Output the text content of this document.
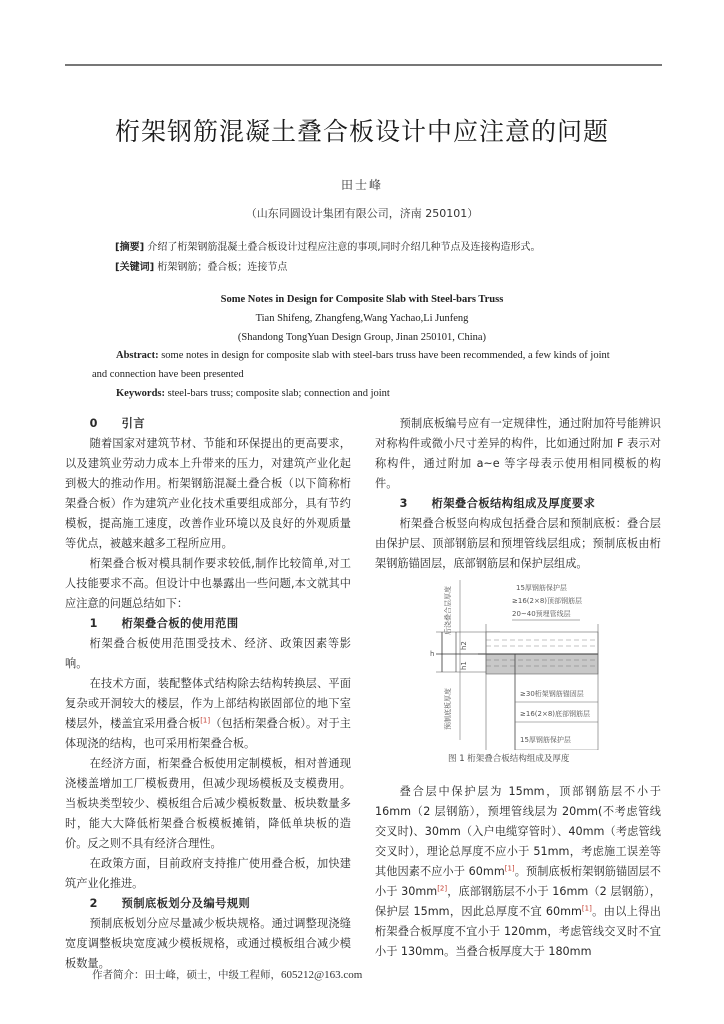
桁架钢筋混凝土叠合板设计中应注意的问题
田士峰
（山东同圆设计集团有限公司，济南 250101）
[摘要] 介绍了桁架钢筋混凝土叠合板设计过程应注意的事项,同时介绍几种节点及连接构造形式。
[关键词] 桁架钢筋；叠合板；连接节点
Some Notes in Design for Composite Slab with Steel-bars Truss
Tian Shifeng, Zhangfeng,Wang Yachao,Li Junfeng
(Shandong TongYuan Design Group, Jinan 250101, China)
Abstract: some notes in design for composite slab with steel-bars truss have been recommended, a few kinds of joint
and connection have been presented
Keywords: steel-bars truss; composite slab; connection and joint

0 引言

随着国家对建筑节材、节能和环保提出的更高要求，以及建筑业劳动力成本上升带来的压力，对建筑产业化起到极大的推动作用。桁架钢筋混凝土叠合板（以下简称桁架叠合板）作为建筑产业化技术重要组成部分，具有节约模板，提高施工速度，改善作业环境以及良好的外观质量等优点，被越来越多工程所应用。

桁架叠合板对模具制作要求较低,制作比较简单,对工人技能要求不高。但设计中也暴露出一些问题,本文就其中应注意的问题总结如下：

1 桁架叠合板的使用范围

桁架叠合板使用范围受技术、经济、政策因素等影响。

在技术方面，装配整体式结构除去结构转换层、平面复杂或开洞较大的楼层，作为上部结构嵌固部位的地下室楼层外，楼盖宜采用叠合板[1]（包括桁架叠合板）。对于主体现浇的结构，也可采用桁架叠合板。

在经济方面，桁架叠合板使用定制模板，相对普通现浇楼盖增加工厂模板费用，但减少现场模板及支模费用。当板块类型较少、模板组合后减少模板数量、板块数量多时，能大大降低桁架叠合板模板摊销，降低单块板的造价。反之则不具有经济合理性。

在政策方面，目前政府支持推广使用叠合板，加快建筑产业化推进。

2 预制底板划分及编号规则

预制底板划分应尽量减少板块规格。通过调整现浇缝宽度调整板块宽度减少模板规格，或通过模板组合减少模板数量。

预制底板编号应有一定规律性，通过附加符号能辨识对称构件或微小尺寸差异的构件，比如通过附加 F 表示对称构件，通过附加 a~e 等字母表示使用相同模板的构件。

3 桁架叠合板结构组成及厚度要求

桁架叠合板竖向构成包括叠合层和预制底板：叠合层由保护层、顶部钢筋层和预埋管线层组成；预制底板由桁架钢筋锚固层，底部钢筋层和保护层组成。

后浇叠合层厚度
预制底板厚度
h
h2
h1
15厚钢筋保护层
≥16(2×8)顶部钢筋层
20~40预埋管线层
≥30桁架钢筋锚固层
≥16(2×8)底部钢筋层
15厚钢筋保护层
图 1 桁架叠合板结构组成及厚度

叠合层中保护层为 15mm，顶部钢筋层不小于 16mm（2 层钢筋），预埋管线层为 20mm(不考虑管线交叉时)、30mm（入户电缆穿管时）、40mm（考虑管线交叉时），理论总厚度不应小于 51mm，考虑施工误差等其他因素不应小于 60mm[1]。预制底板桁架钢筋锚固层不小于 30mm[2]，底部钢筋层不小于 16mm（2 层钢筋），保护层 15mm，因此总厚度不宜 60mm[1]。由以上得出桁架叠合板厚度不宜小于 120mm，考虑管线交叉时不宜小于 130mm。当叠合板厚度大于 180mm

作者简介：田士峰，硕士，中级工程师，605212@163.com
